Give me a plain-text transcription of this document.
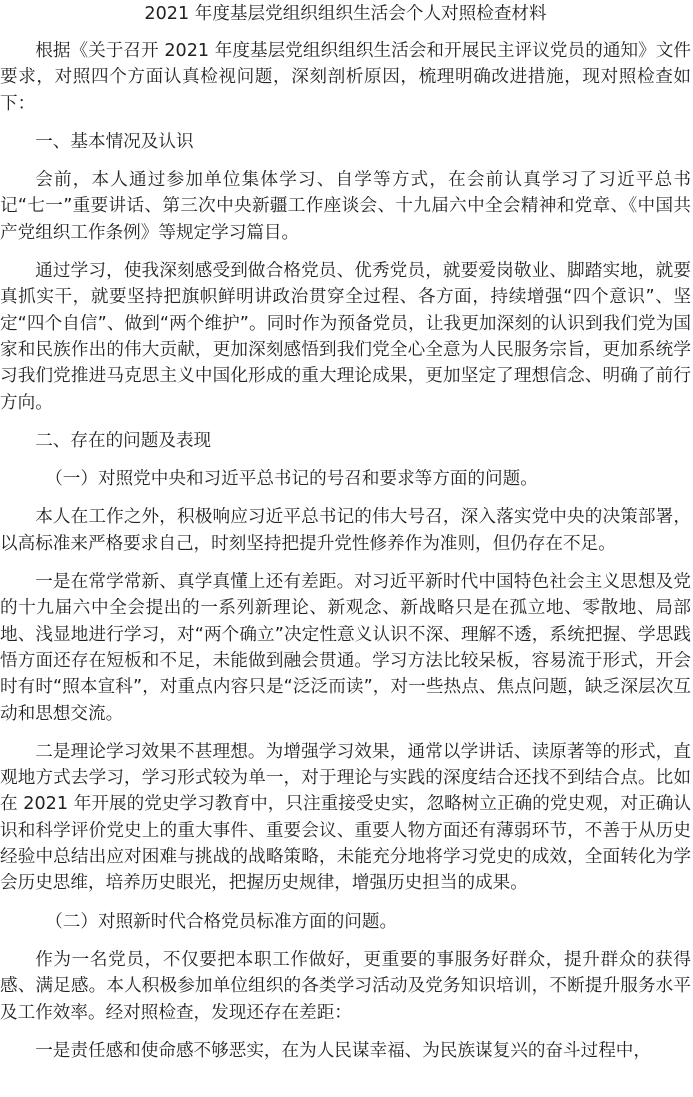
2021 年度基层党组织组织生活会个人对照检查材料

根据《关于召开 2021 年度基层党组织组织生活会和开展民主评议党员的通知》文件要求，对照四个方面认真检视问题，深刻剖析原因，梳理明确改进措施，现对照检查如下：

一、基本情况及认识

会前，本人通过参加单位集体学习、自学等方式，在会前认真学习了习近平总书记“七一”重要讲话、第三次中央新疆工作座谈会、十九届六中全会精神和党章、《中国共产党组织工作条例》等规定学习篇目。

通过学习，使我深刻感受到做合格党员、优秀党员，就要爱岗敬业、脚踏实地，就要真抓实干，就要坚持把旗帜鲜明讲政治贯穿全过程、各方面，持续增强“四个意识”、坚定“四个自信”、做到“两个维护”。同时作为预备党员，让我更加深刻的认识到我们党为国家和民族作出的伟大贡献，更加深刻感悟到我们党全心全意为人民服务宗旨，更加系统学习我们党推进马克思主义中国化形成的重大理论成果，更加坚定了理想信念、明确了前行方向。

二、存在的问题及表现

（一）对照党中央和习近平总书记的号召和要求等方面的问题。

本人在工作之外，积极响应习近平总书记的伟大号召，深入落实党中央的决策部署，以高标准来严格要求自己，时刻坚持把提升党性修养作为准则，但仍存在不足。

一是在常学常新、真学真懂上还有差距。对习近平新时代中国特色社会主义思想及党的十九届六中全会提出的一系列新理论、新观念、新战略只是在孤立地、零散地、局部地、浅显地进行学习，对“两个确立”决定性意义认识不深、理解不透，系统把握、学思践悟方面还存在短板和不足，未能做到融会贯通。学习方法比较呆板，容易流于形式，开会时有时“照本宣科”，对重点内容只是“泛泛而读”，对一些热点、焦点问题，缺乏深层次互动和思想交流。

二是理论学习效果不甚理想。为增强学习效果，通常以学讲话、读原著等的形式，直观地方式去学习，学习形式较为单一，对于理论与实践的深度结合还找不到结合点。比如在 2021 年开展的党史学习教育中，只注重接受史实，忽略树立正确的党史观，对正确认识和科学评价党史上的重大事件、重要会议、重要人物方面还有薄弱环节，不善于从历史经验中总结出应对困难与挑战的战略策略，未能充分地将学习党史的成效，全面转化为学会历史思维，培养历史眼光，把握历史规律，增强历史担当的成果。

（二）对照新时代合格党员标准方面的问题。

作为一名党员，不仅要把本职工作做好，更重要的事服务好群众，提升群众的获得感、满足感。本人积极参加单位组织的各类学习活动及党务知识培训，不断提升服务水平及工作效率。经对照检查，发现还存在差距：

一是责任感和使命感不够恶实，在为人民谋幸福、为民族谋复兴的奋斗过程中，
